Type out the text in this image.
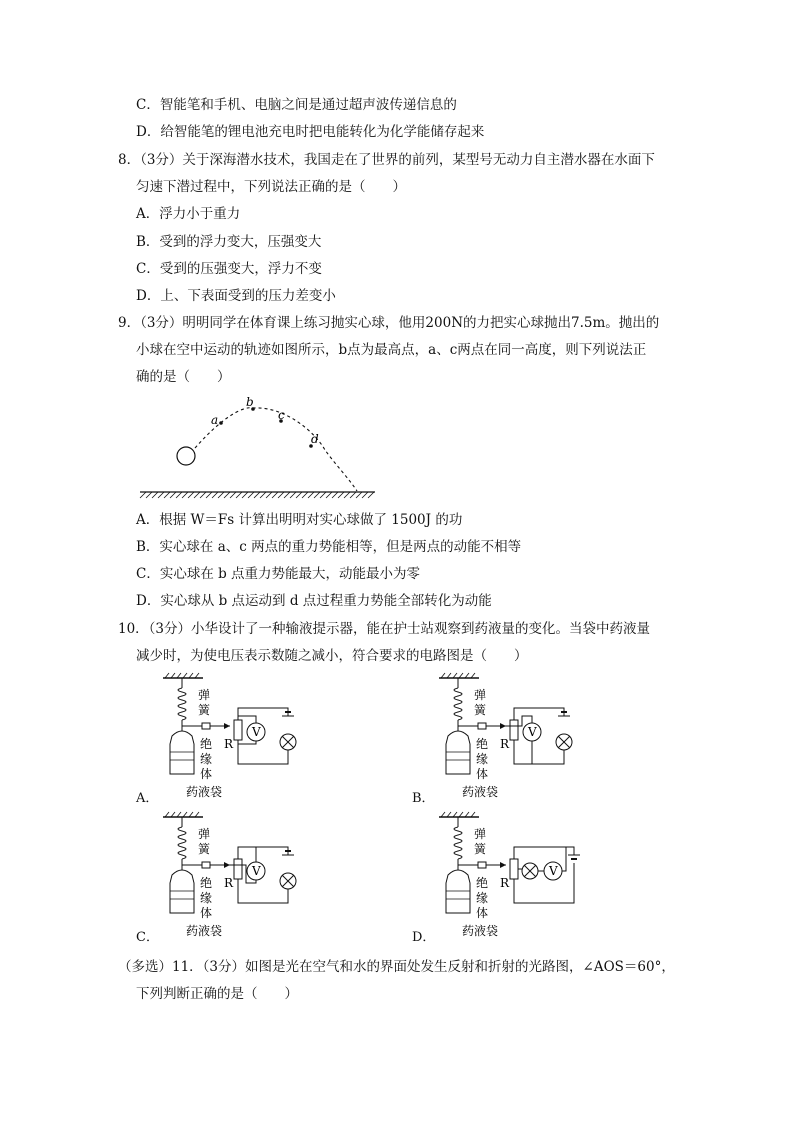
C．智能笔和手机、电脑之间是通过超声波传递信息的
D．给智能笔的锂电池充电时把电能转化为化学能储存起来
8．（3分）关于深海潜水技术，我国走在了世界的前列，某型号无动力自主潜水器在水面下
匀速下潜过程中，下列说法正确的是（　　）
A．浮力小于重力
B．受到的浮力变大，压强变大
C．受到的压强变大，浮力不变
D．上、下表面受到的压力差变小
9．（3分）明明同学在体育课上练习抛实心球，他用200N的力把实心球抛出7.5m。抛出的
小球在空中运动的轨迹如图所示，b点为最高点，a、c两点在同一高度，则下列说法正
确的是（　　）
a
b
c
d
A．根据 W＝Fs 计算出明明对实心球做了 1500J 的功
B．实心球在 a、c 两点的重力势能相等，但是两点的动能不相等
C．实心球在 b 点重力势能最大，动能最小为零
D．实心球从 b 点运动到 d 点过程重力势能全部转化为动能
10．（3分）小华设计了一种输液提示器，能在护士站观察到药液量的变化。当袋中药液量
减少时，为使电压表示数随之减小，符合要求的电路图是（　　）
弹
簧
绝
缘
体
药液袋
R
V
A．
弹
簧
绝
缘
体
药液袋
R
V
B．
弹
簧
绝
缘
体
药液袋
R
V
C．
弹
簧
绝
缘
体
药液袋
R
V
D．
（多选）11．（3分）如图是光在空气和水的界面处发生反射和折射的光路图，∠AOS＝60°，
下列判断正确的是（　　）
